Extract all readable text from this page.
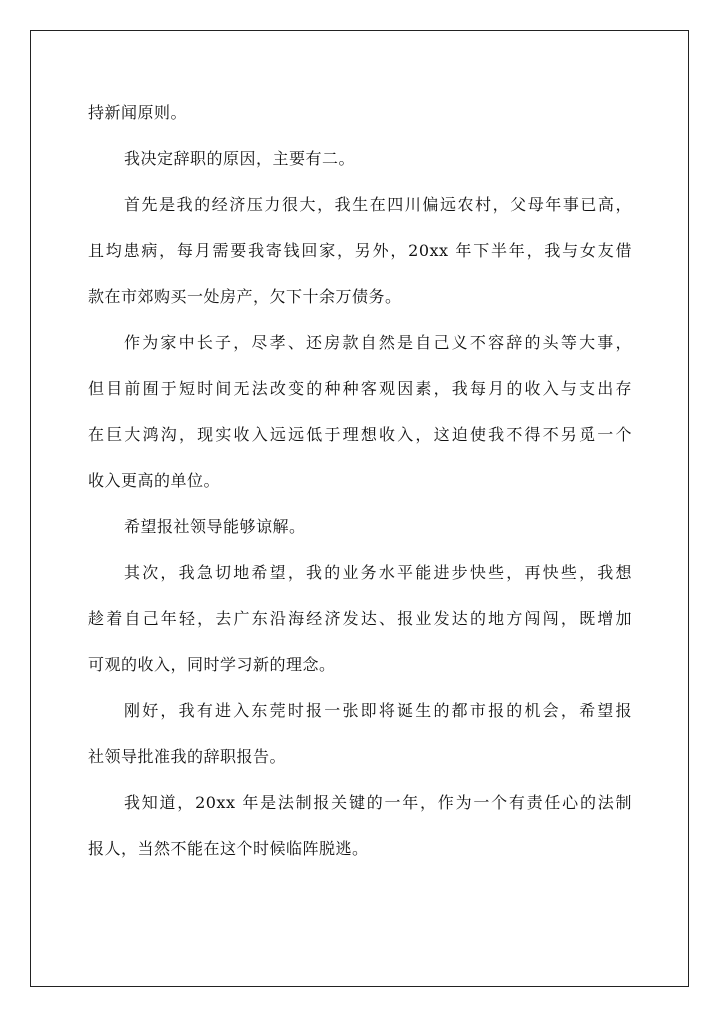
持新闻原则。
我决定辞职的原因，主要有二。
首先是我的经济压力很大，我生在四川偏远农村，父母年事已高，
且均患病，每月需要我寄钱回家，另外，20xx 年下半年，我与女友借
款在市郊购买一处房产，欠下十余万债务。
作为家中长子，尽孝、还房款自然是自己义不容辞的头等大事，
但目前囿于短时间无法改变的种种客观因素，我每月的收入与支出存
在巨大鸿沟，现实收入远远低于理想收入，这迫使我不得不另觅一个
收入更高的单位。
希望报社领导能够谅解。
其次，我急切地希望，我的业务水平能进步快些，再快些，我想
趁着自己年轻，去广东沿海经济发达、报业发达的地方闯闯，既增加
可观的收入，同时学习新的理念。
刚好，我有进入东莞时报一张即将诞生的都市报的机会，希望报
社领导批准我的辞职报告。
我知道，20xx 年是法制报关键的一年，作为一个有责任心的法制
报人，当然不能在这个时候临阵脱逃。
